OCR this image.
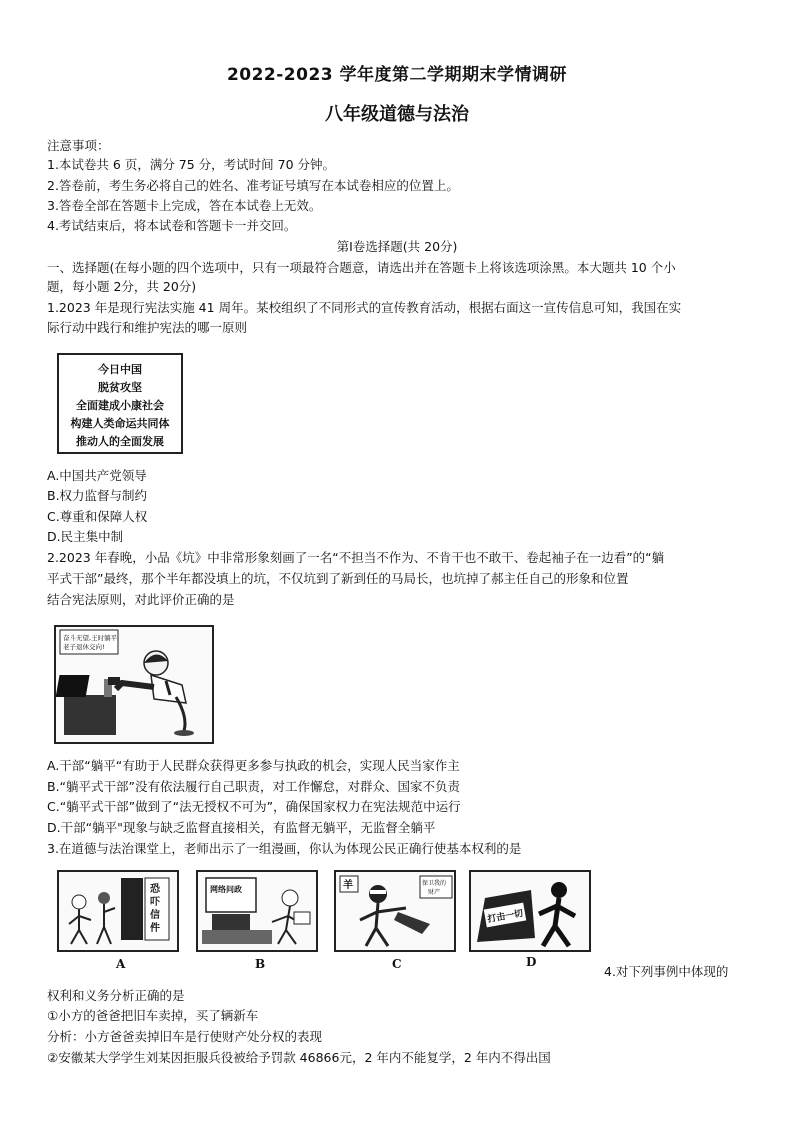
2022-2023 学年度第二学期期末学情调研
八年级道德与法治
注意事项：
1.本试卷共 6 页，满分 75 分，考试时间 70 分钟。
2.答卷前，考生务必将自己的姓名、准考证号填写在本试卷相应的位置上。
3.答卷全部在答题卡上完成，答在本试卷上无效。
4.考试结束后，将本试卷和答题卡一并交回。
第Ⅰ卷选择题(共 20分)
一、选择题(在每小题的四个选项中，只有一项最符合题意，请选出并在答题卡上将该选项涂黑。本大题共 10 个小
题，每小题 2分，共 20分)
1.2023 年是现行宪法实施 41 周年。某校组织了不同形式的宣传教育活动，根据右面这一宣传信息可知，我国在实
际行动中践行和维护宪法的哪一原则
今日中国
脱贫攻坚
全面建成小康社会
构建人类命运共同体
推动人的全面发展
A.中国共产党领导
B.权力监督与制约
C.尊重和保障人权
D.民主集中制
2.2023 年春晚，小品《坑》中非常形象刻画了一名“不担当不作为、不肯干也不敢干、卷起袖子在一边看”的“躺
平式干部”最终，那个半年都没填上的坑，不仅坑到了新到任的马局长，也坑掉了郝主任自己的形象和位置
结合宪法原则，对此评价正确的是
奋斗无望,王时躺平,
老子退休交向!
A.干部“躺平“有助于人民群众获得更多参与执政的机会，实现人民当家作主
B.“躺平式干部”没有依法履行自己职责，对工作懈怠，对群众、国家不负责
C.“躺平式干部”做到了“法无授权不可为”，确保国家权力在宪法规范中运行
D.干部“躺平"现象与缺乏监督直接相关，有监督无躺平，无监督全躺平
3.在道德与法治课堂上，老师出示了一组漫画，你认为体现公民正确行使基本权利的是
恐
吓
信
件
A
网络问政
B
羊	保卫我的
财产
C
打击一切
D
4.对下列事例中体现的
权利和义务分析正确的是
①小方的爸爸把旧车卖掉，买了辆新车
分析：小方爸爸卖掉旧车是行使财产处分权的表现
②安徽某大学学生刘某因拒服兵役被给予罚款 46866元，2 年内不能复学，2 年内不得出国
